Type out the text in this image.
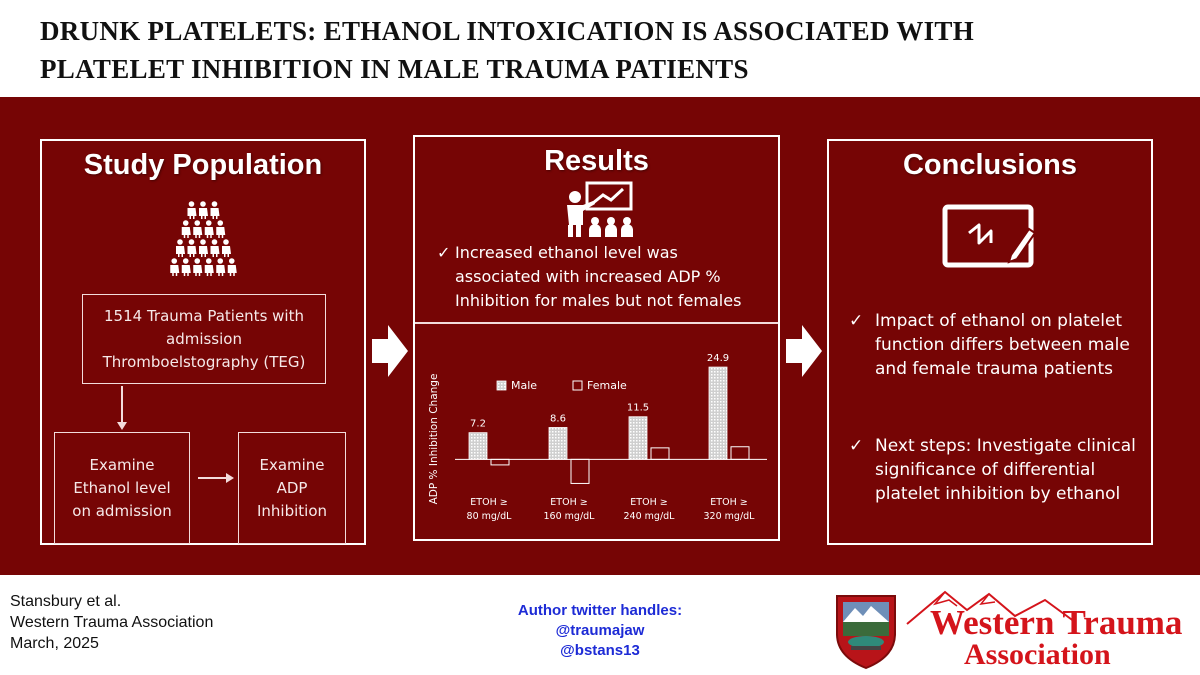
DRUNK PLATELETS: ETHANOL INTOXICATION IS ASSOCIATED WITH
PLATELET INHIBITION IN MALE TRAUMA PATIENTS
Study Population
1514 Trauma Patients with admission Thromboelstography (TEG)
Examine Ethanol level on admission
Examine ADP Inhibition
Results
✓ Increased ethanol level was associated with increased ADP % Inhibition for males but not females
ADP % Inhibition Change	Male	Female
7.2
ETOH ≥
80 mg/dL
8.6
ETOH ≥
160 mg/dL
11.5
ETOH ≥
240 mg/dL
24.9
ETOH ≥
320 mg/dL
Conclusions
✓ Impact of ethanol on platelet function differs between male and female trauma patients
✓ Next steps: Investigate clinical significance of differential platelet inhibition by ethanol
Stansbury et al.
Western Trauma Association
March, 2025
Author twitter handles:
@traumajaw
@bstans13
Western Trauma
Association
